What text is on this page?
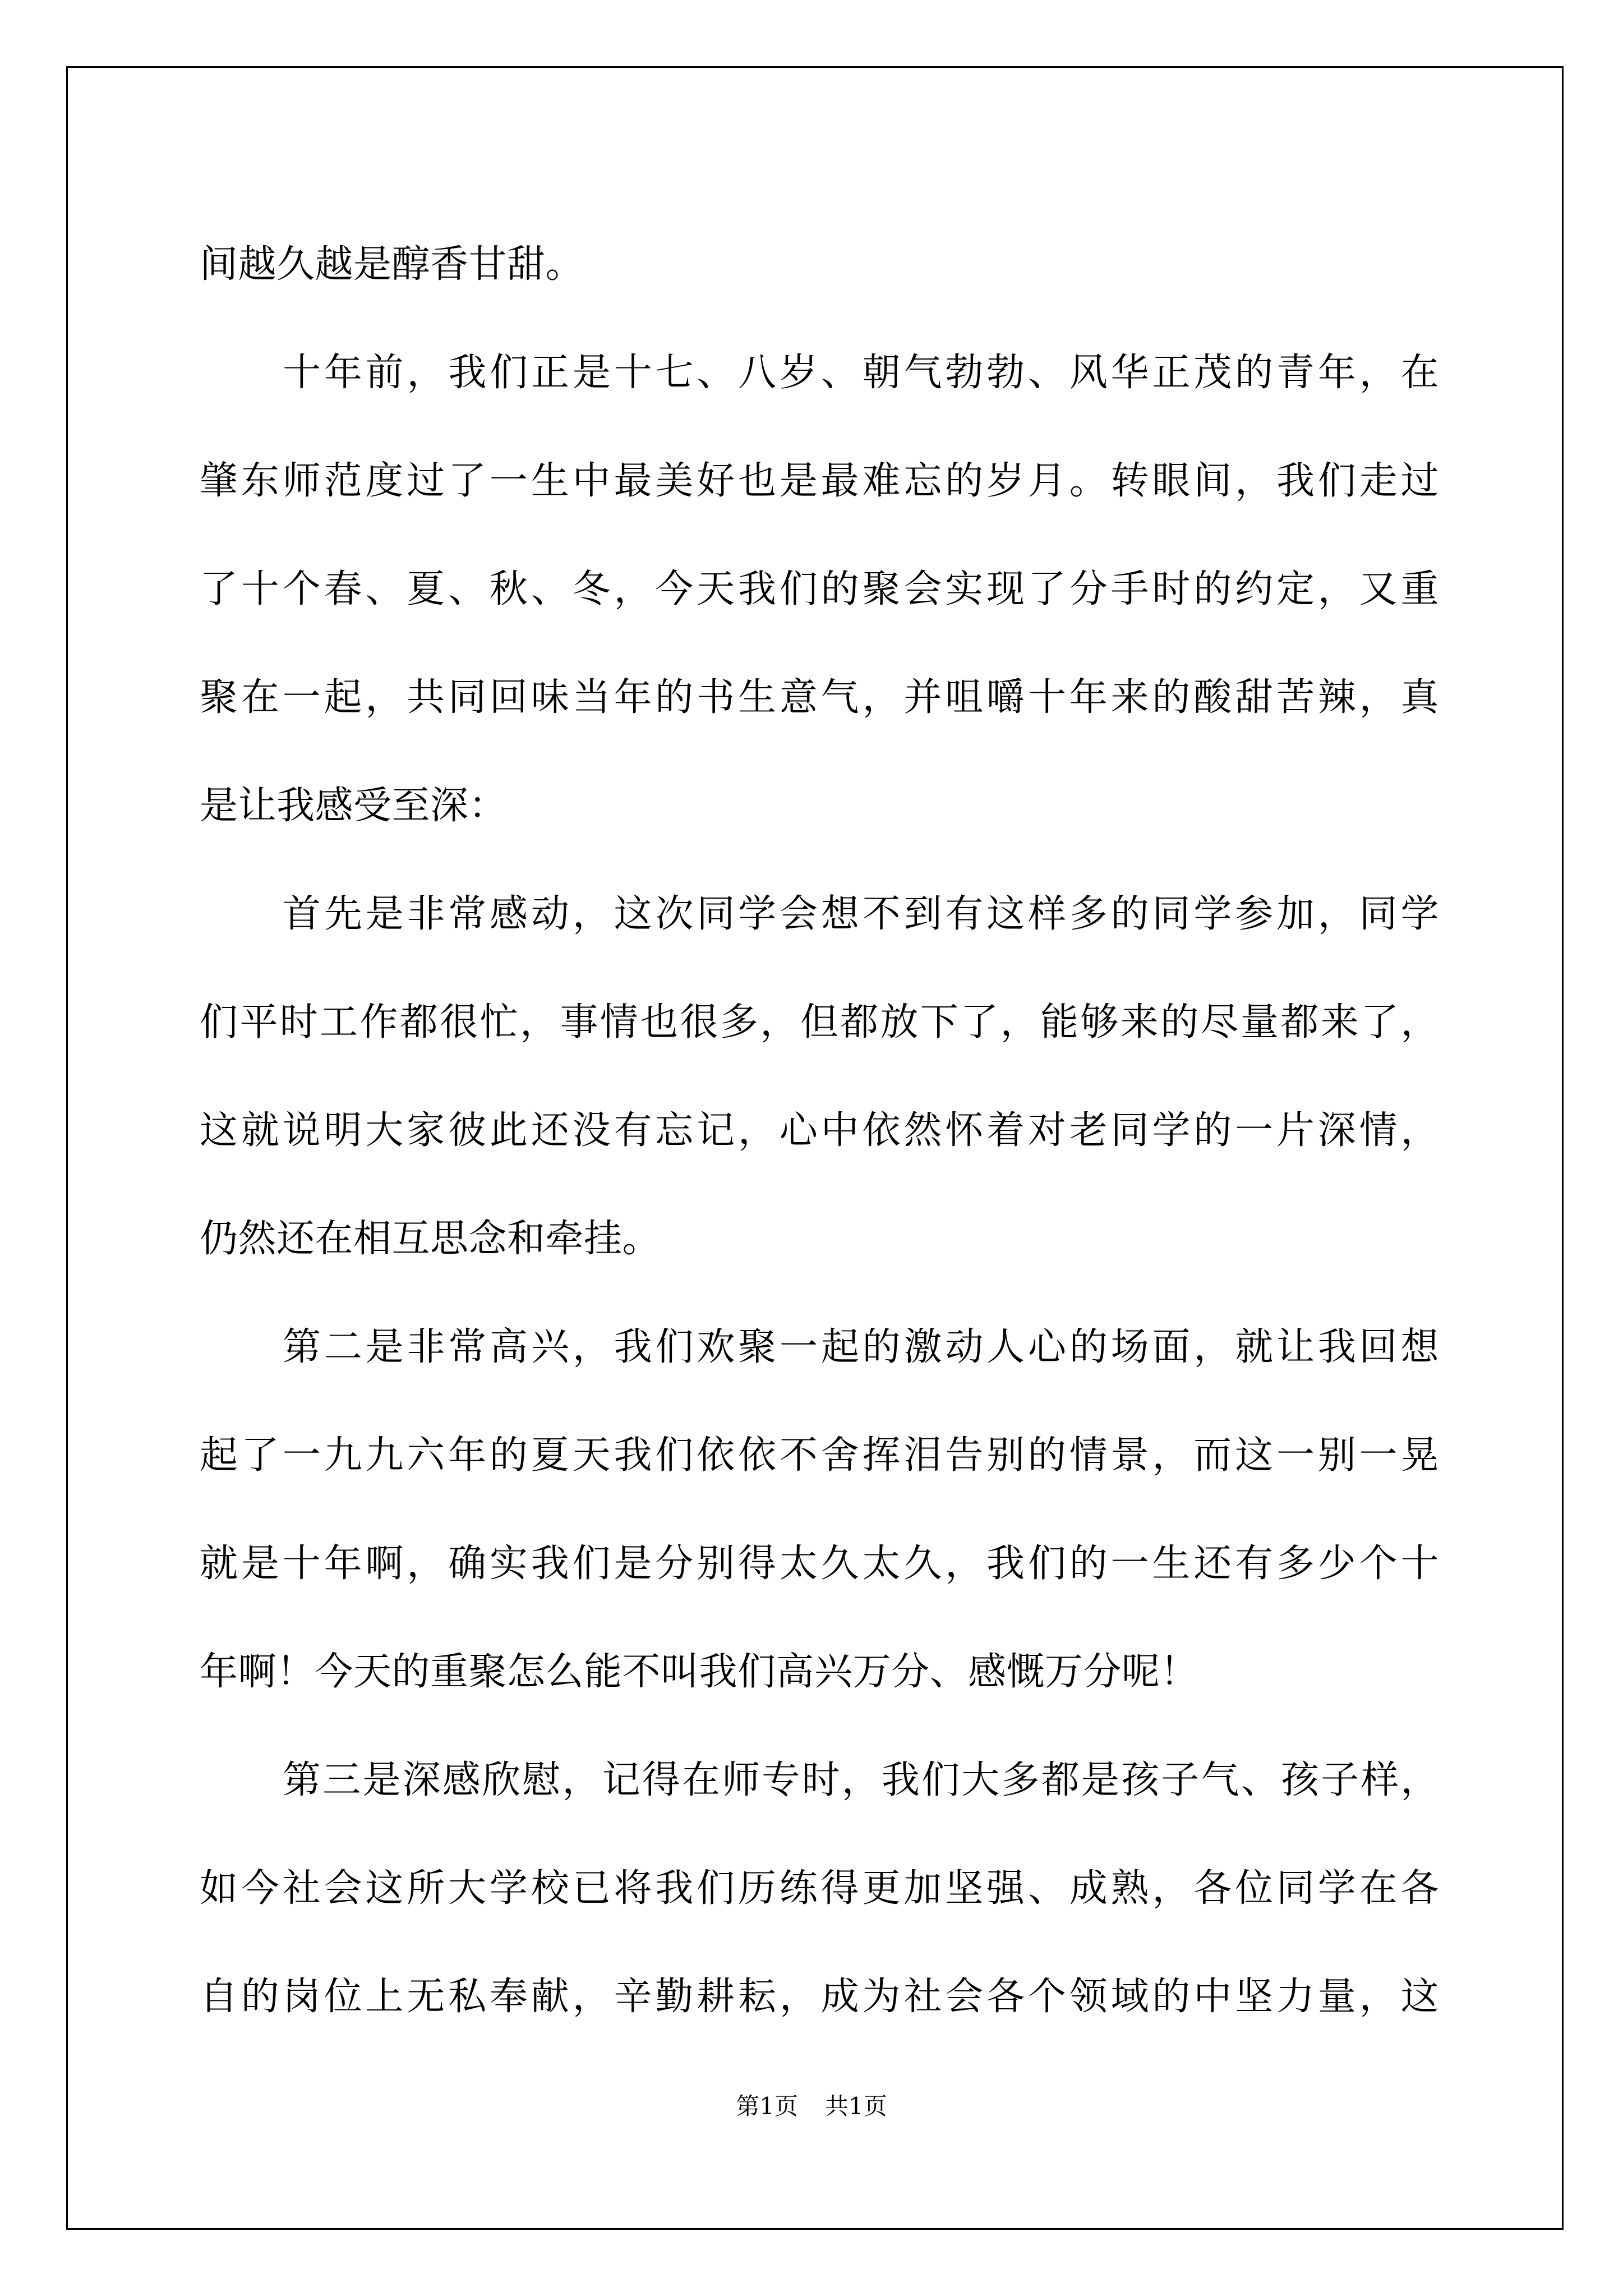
间越久越是醇香甘甜。
十年前，我们正是十七、八岁、朝气勃勃、风华正茂的青年，在
肇东师范度过了一生中最美好也是最难忘的岁月。转眼间，我们走过
了十个春、夏、秋、冬，今天我们的聚会实现了分手时的约定，又重
聚在一起，共同回味当年的书生意气，并咀嚼十年来的酸甜苦辣，真
是让我感受至深：
首先是非常感动，这次同学会想不到有这样多的同学参加，同学
们平时工作都很忙，事情也很多，但都放下了，能够来的尽量都来了，
这就说明大家彼此还没有忘记，心中依然怀着对老同学的一片深情，
仍然还在相互思念和牵挂。
第二是非常高兴，我们欢聚一起的激动人心的场面，就让我回想
起了一九九六年的夏天我们依依不舍挥泪告别的情景，而这一别一晃
就是十年啊，确实我们是分别得太久太久，我们的一生还有多少个十
年啊！今天的重聚怎么能不叫我们高兴万分、感慨万分呢！
第三是深感欣慰，记得在师专时，我们大多都是孩子气、孩子样，
如今社会这所大学校已将我们历练得更加坚强、成熟，各位同学在各
自的岗位上无私奉献，辛勤耕耘，成为社会各个领域的中坚力量，这
第1页 共1页
